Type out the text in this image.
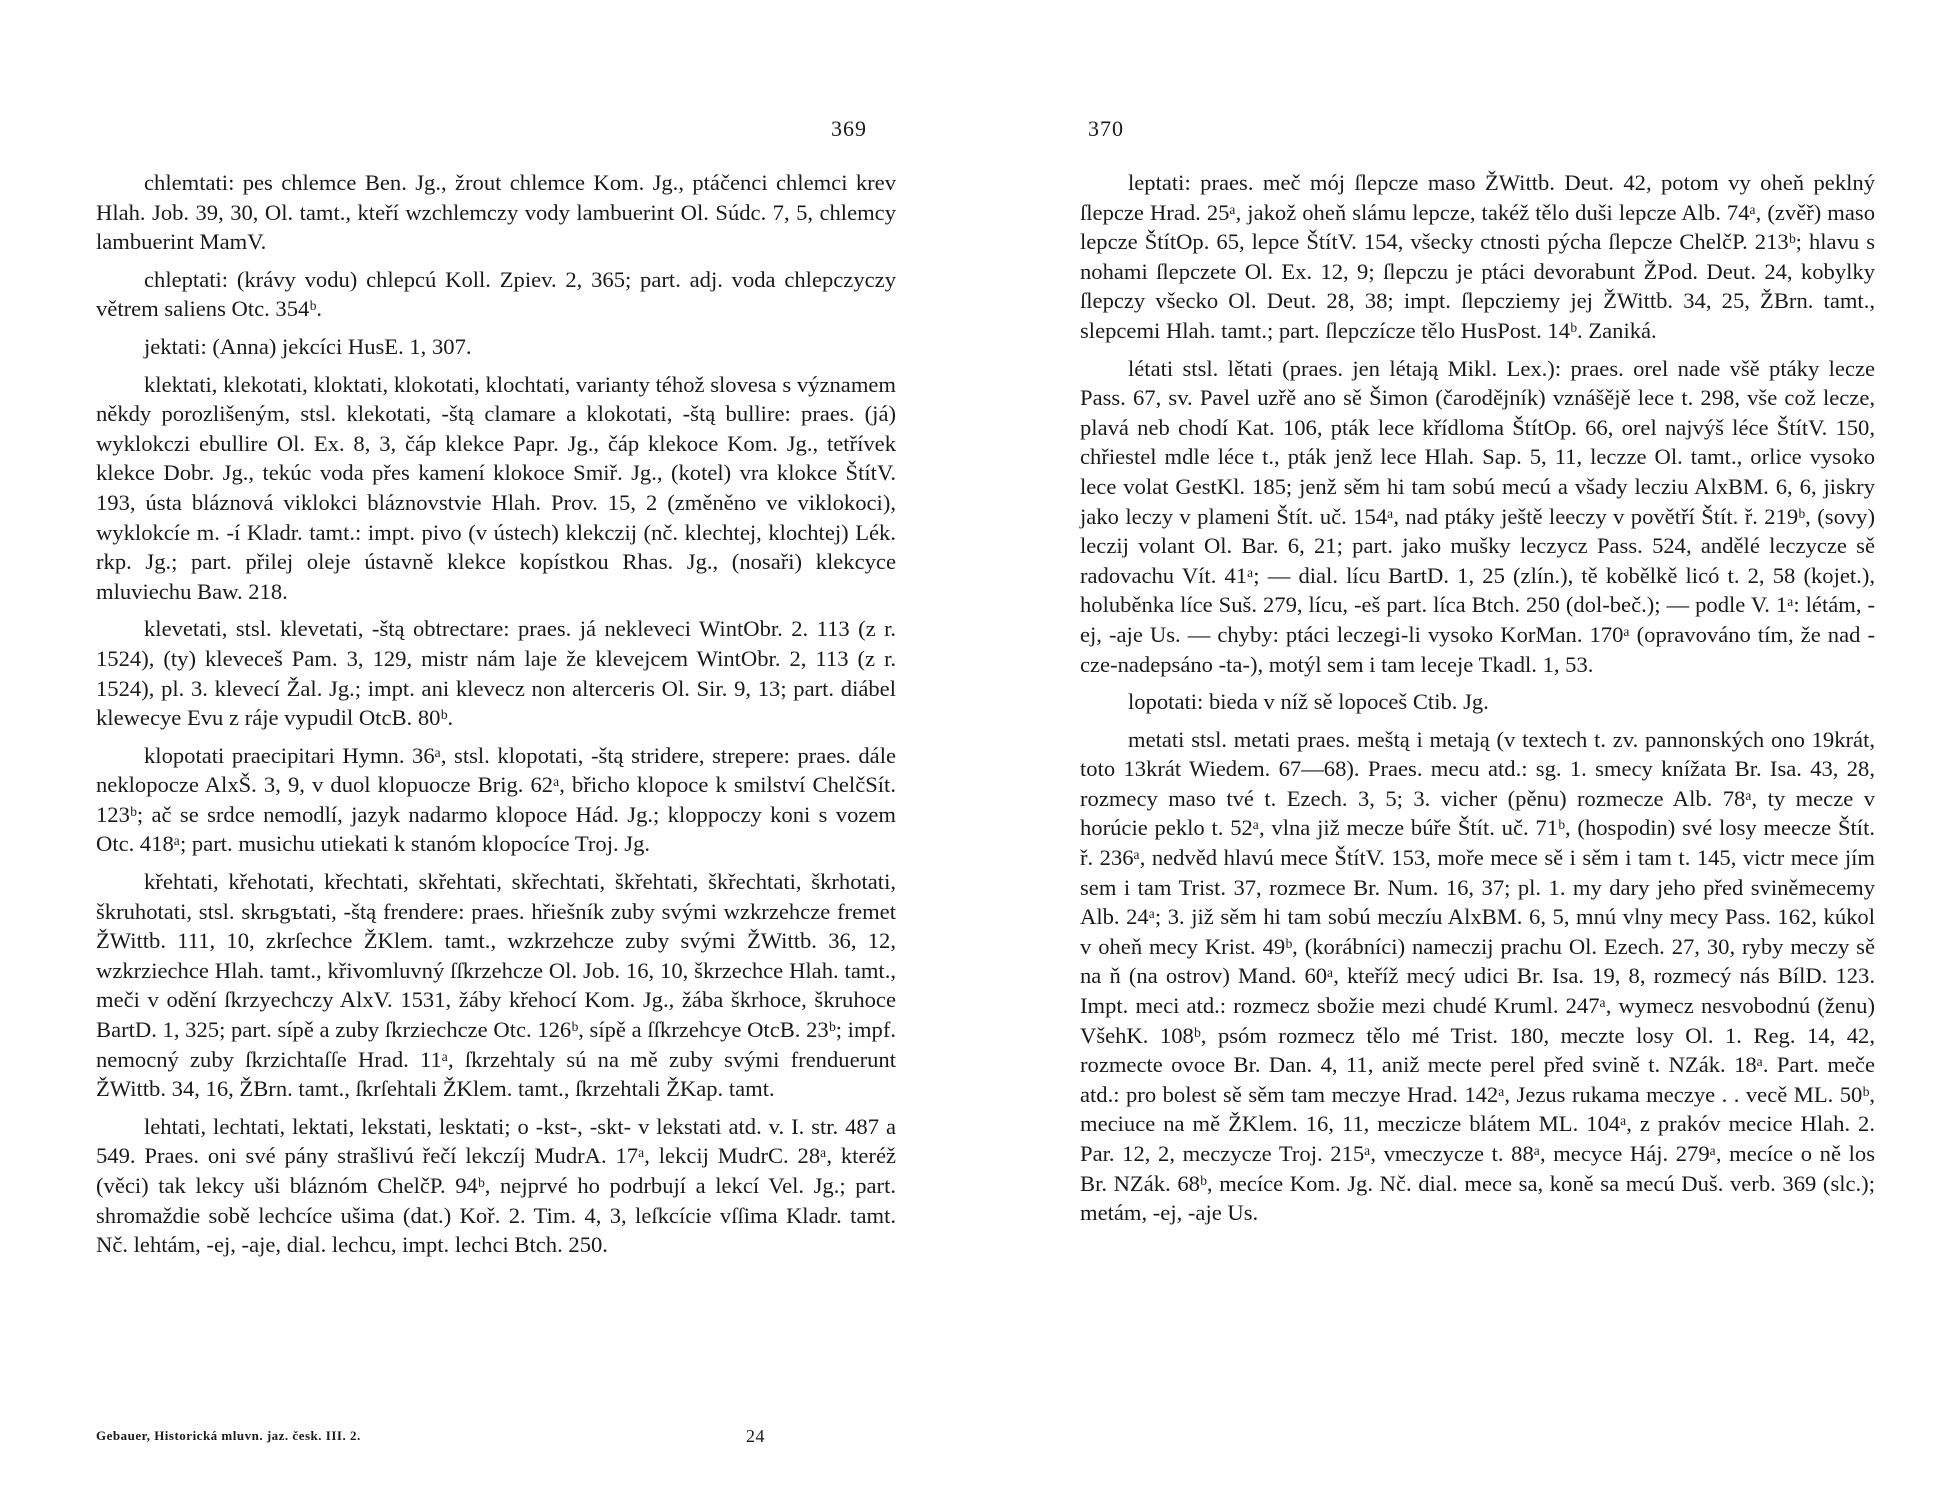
369

chlemtati: pes chlemce Ben. Jg., žrout chlemce Kom. Jg., ptáčenci chlemci krev Hlah. Job. 39, 30, Ol. tamt., kteří wzchlemczy vody lambuerint Ol. Súdc. 7, 5, chlemcy lambuerint MamV.

chleptati: (krávy vodu) chlepcú Koll. Zpiev. 2, 365; part. adj. voda chlepczyczy větrem saliens Otc. 354ᵇ.

jektati: (Anna) jekcíci HusE. 1, 307.

klektati, klekotati, kloktati, klokotati, klochtati, varianty téhož slovesa s významem někdy porozlišeným, stsl. klekotati, -štą clamare a klokotati, -štą bullire: praes. (já) wyklokczi ebullire Ol. Ex. 8, 3, čáp klekce Papr. Jg., čáp klekoce Kom. Jg., tetřívek klekce Dobr. Jg., tekúc voda přes kamení klokoce Smiř. Jg., (kotel) vra klokce ŠtítV. 193, ústa bláznová viklokci bláznovstvie Hlah. Prov. 15, 2 (změněno ve viklokoci), wyklokcíe m. -í Kladr. tamt.: impt. pivo (v ústech) klekczij (nč. klechtej, klochtej) Lék. rkp. Jg.; part. přilej oleje ústavně klekce kopístkou Rhas. Jg., (nosaři) klekcyce mluviechu Baw. 218.

klevetati, stsl. klevetati, -štą obtrectare: praes. já nekleveci WintObr. 2. 113 (z r. 1524), (ty) kleveceš Pam. 3, 129, mistr nám laje že klevejcem WintObr. 2, 113 (z r. 1524), pl. 3. klevecí Žal. Jg.; impt. ani klevecz non alterceris Ol. Sir. 9, 13; part. diábel klewecye Evu z ráje vypudil OtcB. 80ᵇ.

klopotati praecipitari Hymn. 36ᵃ, stsl. klopotati, -štą stridere, strepere: praes. dále neklopocze AlxŠ. 3, 9, v duol klopuocze Brig. 62ᵃ, břicho klopoce k smilství ChelčSít. 123ᵇ; ač se srdce nemodlí, jazyk nadarmo klopoce Hád. Jg.; kloppoczy koni s vozem Otc. 418ᵃ; part. musichu utiekati k stanóm klopocíce Troj. Jg.

křehtati, křehotati, křechtati, skřehtati, skřechtati, škřehtati, škřechtati, škrhotati, škruhotati, stsl. skrьgъtati, -štą frendere: praes. hřiešník zuby svými wzkrzehcze fremet ŽWittb. 111, 10, zkrſechce ŽKlem. tamt., wzkrzehcze zuby svými ŽWittb. 36, 12, wzkrziechce Hlah. tamt., křivomluvný ſſkrzehcze Ol. Job. 16, 10, škrzechce Hlah. tamt., meči v odění ſkrzyechczy AlxV. 1531, žáby křehocí Kom. Jg., žába škrhoce, škruhoce BartD. 1, 325; part. sípě a zuby ſkrziechcze Otc. 126ᵇ, sípě a ſſkrzehcye OtcB. 23ᵇ; impf. nemocný zuby ſkrzichtaſſe Hrad. 11ᵃ, ſkrzehtaly sú na mě zuby svými frenduerunt ŽWittb. 34, 16, ŽBrn. tamt., ſkrſehtali ŽKlem. tamt., ſkrzehtali ŽKap. tamt.

lehtati, lechtati, lektati, lekstati, lesktati; o -kst-, -skt- v lekstati atd. v. I. str. 487 a 549. Praes. oni své pány strašlivú řečí lekczíj MudrA. 17ᵃ, lekcij MudrC. 28ᵃ, kteréž (věci) tak lekcy uši bláznóm ChelčP. 94ᵇ, nejprvé ho podrbují a lekcí Vel. Jg.; part. shromaždie sobě lechcíce ušima (dat.) Koř. 2. Tim. 4, 3, leſkcície vſſima Kladr. tamt. Nč. lehtám, -ej, -aje, dial. lechcu, impt. lechci Btch. 250.

Gebauer, Historická mluvn. jaz. česk. III. 2.	24
370

leptati: praes. meč mój ſlepcze maso ŽWittb. Deut. 42, potom vy oheň peklný ſlepcze Hrad. 25ᵃ, jakož oheň slámu lepcze, takéž tělo duši lepcze Alb. 74ᵃ, (zvěř) maso lepcze ŠtítOp. 65, lepce ŠtítV. 154, všecky ctnosti pýcha ſlepcze ChelčP. 213ᵇ; hlavu s nohami ſlepczete Ol. Ex. 12, 9; ſlepczu je ptáci devorabunt ŽPod. Deut. 24, kobylky ſlepczy všecko Ol. Deut. 28, 38; impt. ſlepcziemy jej ŽWittb. 34, 25, ŽBrn. tamt., slepcemi Hlah. tamt.; part. ſlepczícze tělo HusPost. 14ᵇ. Zaniká.

létati stsl. lětati (praes. jen létają Mikl. Lex.): praes. orel nade všě ptáky lecze Pass. 67, sv. Pavel uzřě ano sě Šimon (čarodějník) vznášějě lece t. 298, vše což lecze, plavá neb chodí Kat. 106, pták lece křídloma ŠtítOp. 66, orel najvýš léce ŠtítV. 150, chřiestel mdle léce t., pták jenž lece Hlah. Sap. 5, 11, leczze Ol. tamt., orlice vysoko lece volat GestKl. 185; jenž sěm hi tam sobú mecú a všady lecziu AlxBM. 6, 6, jiskry jako leczy v plameni Štít. uč. 154ᵃ, nad ptáky ještě leeczy v povětří Štít. ř. 219ᵇ, (sovy) leczij volant Ol. Bar. 6, 21; part. jako mušky leczycz Pass. 524, andělé leczycze sě radovachu Vít. 41ᵃ; — dial. lícu BartD. 1, 25 (zlín.), tě kobělkě licó t. 2, 58 (kojet.), holuběnka líce Suš. 279, lícu, -eš part. líca Btch. 250 (dol-beč.); — podle V. 1ᵃ: létám, -ej, -aje Us. — chyby: ptáci leczegi-li vysoko KorMan. 170ᵃ (opravováno tím, že nad -cze-nadepsáno -ta-), motýl sem i tam leceje Tkadl. 1, 53.

lopotati: bieda v níž sě lopoceš Ctib. Jg.

metati stsl. metati praes. meštą i metają (v textech t. zv. pannonských ono 19krát, toto 13krát Wiedem. 67—68). Praes. mecu atd.: sg. 1. smecy knížata Br. Isa. 43, 28, rozmecy maso tvé t. Ezech. 3, 5; 3. vicher (pěnu) rozmecze Alb. 78ᵃ, ty mecze v horúcie peklo t. 52ᵃ, vlna již mecze búře Štít. uč. 71ᵇ, (hospodin) své losy meecze Štít. ř. 236ᵃ, nedvěd hlavú mece ŠtítV. 153, moře mece sě i sěm i tam t. 145, victr mece jím sem i tam Trist. 37, rozmece Br. Num. 16, 37; pl. 1. my dary jeho před sviněmecemy Alb. 24ᵃ; 3. již sěm hi tam sobú meczíu AlxBM. 6, 5, mnú vlny mecy Pass. 162, kúkol v oheň mecy Krist. 49ᵇ, (korábníci) nameczij prachu Ol. Ezech. 27, 30, ryby meczy sě na ň (na ostrov) Mand. 60ᵃ, kteříž mecý udici Br. Isa. 19, 8, rozmecý nás BílD. 123. Impt. meci atd.: rozmecz sbožie mezi chudé Kruml. 247ᵃ, wymecz nesvobodnú (ženu) VšehK. 108ᵇ, psóm rozmecz tělo mé Trist. 180, meczte losy Ol. 1. Reg. 14, 42, rozmecte ovoce Br. Dan. 4, 11, aniž mecte perel před svině t. NZák. 18ᵃ. Part. meče atd.: pro bolest sě sěm tam meczye Hrad. 142ᵃ, Jezus rukama meczye . . vecě ML. 50ᵇ, meciuce na mě ŽKlem. 16, 11, meczicze blátem ML. 104ᵃ, z prakóv mecice Hlah. 2. Par. 12, 2, meczycze Troj. 215ᵃ, vmeczycze t. 88ᵃ, mecyce Háj. 279ᵃ, mecíce o ně los Br. NZák. 68ᵇ, mecíce Kom. Jg. Nč. dial. mece sa, koně sa mecú Duš. verb. 369 (slc.); metám, -ej, -aje Us.
